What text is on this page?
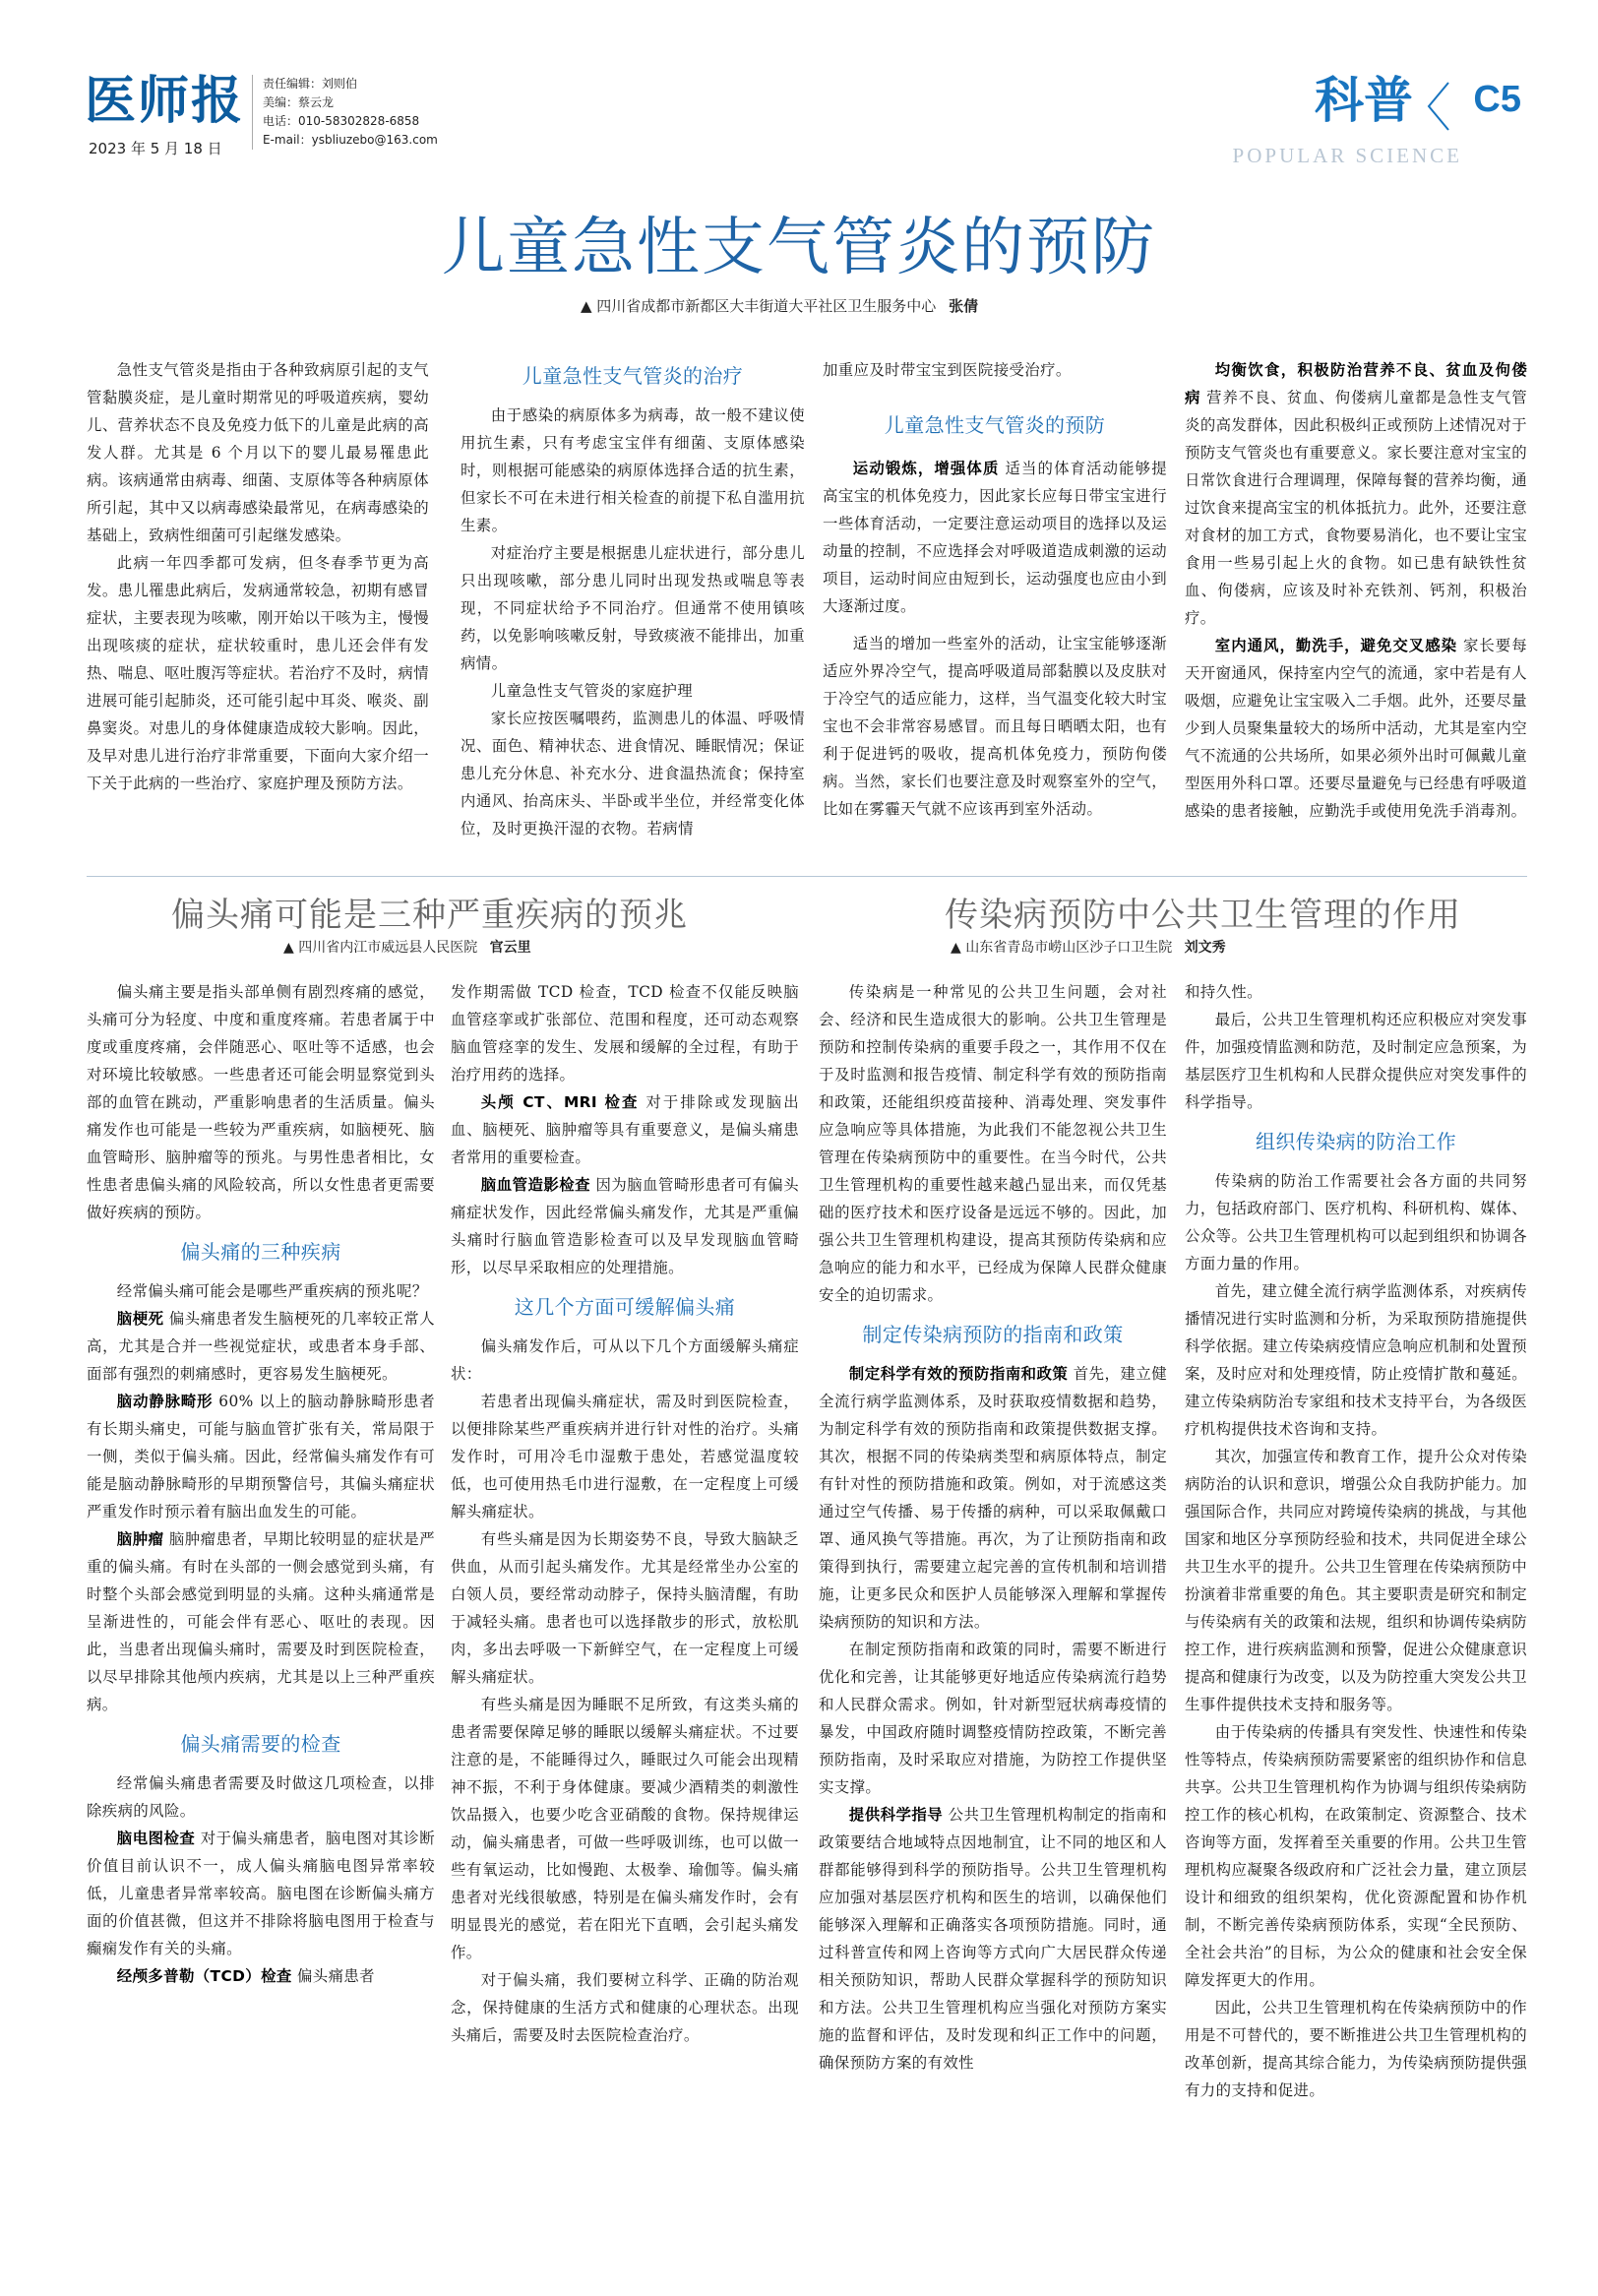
医师报
2023 年 5 月 18 日
责任编辑：刘则伯
美编：蔡云龙
电话：010-58302828-6858
E-mail：ysbliuzebo@163.com
科普
POPULAR SCIENCE
C5
儿童急性支气管炎的预防
▲ 四川省成都市新都区大丰街道大平社区卫生服务中心 张倩

急性支气管炎是指由于各种致病原引起的支气管黏膜炎症，是儿童时期常见的呼吸道疾病，婴幼儿、营养状态不良及免疫力低下的儿童是此病的高发人群。尤其是 6 个月以下的婴儿最易罹患此病。该病通常由病毒、细菌、支原体等各种病原体所引起，其中又以病毒感染最常见，在病毒感染的基础上，致病性细菌可引起继发感染。

此病一年四季都可发病，但冬春季节更为高发。患儿罹患此病后，发病通常较急，初期有感冒症状，主要表现为咳嗽，刚开始以干咳为主，慢慢出现咳痰的症状，症状较重时，患儿还会伴有发热、喘息、呕吐腹泻等症状。若治疗不及时，病情进展可能引起肺炎，还可能引起中耳炎、喉炎、副鼻窦炎。对患儿的身体健康造成较大影响。因此，及早对患儿进行治疗非常重要，下面向大家介绍一下关于此病的一些治疗、家庭护理及预防方法。

儿童急性支气管炎的治疗

由于感染的病原体多为病毒，故一般不建议使用抗生素，只有考虑宝宝伴有细菌、支原体感染时，则根据可能感染的病原体选择合适的抗生素，但家长不可在未进行相关检查的前提下私自滥用抗生素。

对症治疗主要是根据患儿症状进行，部分患儿只出现咳嗽，部分患儿同时出现发热或喘息等表现，不同症状给予不同治疗。但通常不使用镇咳药，以免影响咳嗽反射，导致痰液不能排出，加重病情。

儿童急性支气管炎的家庭护理

家长应按医嘱喂药，监测患儿的体温、呼吸情况、面色、精神状态、进食情况、睡眠情况；保证患儿充分休息、补充水分、进食温热流食；保持室内通风、抬高床头、半卧或半坐位，并经常变化体位，及时更换汗湿的衣物。若病情

加重应及时带宝宝到医院接受治疗。

儿童急性支气管炎的预防

运动锻炼，增强体质 适当的体育活动能够提高宝宝的机体免疫力，因此家长应每日带宝宝进行一些体育活动，一定要注意运动项目的选择以及运动量的控制，不应选择会对呼吸道造成刺激的运动项目，运动时间应由短到长，运动强度也应由小到大逐渐过度。

适当的增加一些室外的活动，让宝宝能够逐渐适应外界冷空气，提高呼吸道局部黏膜以及皮肤对于冷空气的适应能力，这样，当气温变化较大时宝宝也不会非常容易感冒。而且每日晒晒太阳，也有利于促进钙的吸收，提高机体免疫力，预防佝偻病。当然，家长们也要注意及时观察室外的空气，比如在雾霾天气就不应该再到室外活动。

均衡饮食，积极防治营养不良、贫血及佝偻病 营养不良、贫血、佝偻病儿童都是急性支气管炎的高发群体，因此积极纠正或预防上述情况对于预防支气管炎也有重要意义。家长要注意对宝宝的日常饮食进行合理调理，保障每餐的营养均衡，通过饮食来提高宝宝的机体抵抗力。此外，还要注意对食材的加工方式，食物要易消化，也不要让宝宝食用一些易引起上火的食物。如已患有缺铁性贫血、佝偻病，应该及时补充铁剂、钙剂，积极治疗。

室内通风，勤洗手，避免交叉感染 家长要每天开窗通风，保持室内空气的流通，家中若是有人吸烟，应避免让宝宝吸入二手烟。此外，还要尽量少到人员聚集量较大的场所中活动，尤其是室内空气不流通的公共场所，如果必须外出时可佩戴儿童型医用外科口罩。还要尽量避免与已经患有呼吸道感染的患者接触，应勤洗手或使用免洗手消毒剂。

偏头痛可能是三种严重疾病的预兆
▲ 四川省内江市威远县人民医院 官云里

偏头痛主要是指头部单侧有剧烈疼痛的感觉，头痛可分为轻度、中度和重度疼痛。若患者属于中度或重度疼痛，会伴随恶心、呕吐等不适感，也会对环境比较敏感。一些患者还可能会明显察觉到头部的血管在跳动，严重影响患者的生活质量。偏头痛发作也可能是一些较为严重疾病，如脑梗死、脑血管畸形、脑肿瘤等的预兆。与男性患者相比，女性患者患偏头痛的风险较高，所以女性患者更需要做好疾病的预防。

偏头痛的三种疾病

经常偏头痛可能会是哪些严重疾病的预兆呢？

脑梗死 偏头痛患者发生脑梗死的几率较正常人高，尤其是合并一些视觉症状，或患者本身手部、面部有强烈的刺痛感时，更容易发生脑梗死。

脑动静脉畸形 60% 以上的脑动静脉畸形患者有长期头痛史，可能与脑血管扩张有关，常局限于一侧，类似于偏头痛。因此，经常偏头痛发作有可能是脑动静脉畸形的早期预警信号，其偏头痛症状严重发作时预示着有脑出血发生的可能。

脑肿瘤 脑肿瘤患者，早期比较明显的症状是严重的偏头痛。有时在头部的一侧会感觉到头痛，有时整个头部会感觉到明显的头痛。这种头痛通常是呈渐进性的，可能会伴有恶心、呕吐的表现。因此，当患者出现偏头痛时，需要及时到医院检查，以尽早排除其他颅内疾病，尤其是以上三种严重疾病。

偏头痛需要的检查

经常偏头痛患者需要及时做这几项检查，以排除疾病的风险。

脑电图检查 对于偏头痛患者，脑电图对其诊断价值目前认识不一，成人偏头痛脑电图异常率较低，儿童患者异常率较高。脑电图在诊断偏头痛方面的价值甚微，但这并不排除将脑电图用于检查与癫痫发作有关的头痛。

经颅多普勒（TCD）检查 偏头痛患者

发作期需做 TCD 检查，TCD 检查不仅能反映脑血管痉挛或扩张部位、范围和程度，还可动态观察脑血管痉挛的发生、发展和缓解的全过程，有助于治疗用药的选择。

头颅 CT、MRI 检查 对于排除或发现脑出血、脑梗死、脑肿瘤等具有重要意义，是偏头痛患者常用的重要检查。

脑血管造影检查 因为脑血管畸形患者可有偏头痛症状发作，因此经常偏头痛发作，尤其是严重偏头痛时行脑血管造影检查可以及早发现脑血管畸形，以尽早采取相应的处理措施。

这几个方面可缓解偏头痛

偏头痛发作后，可从以下几个方面缓解头痛症状：

若患者出现偏头痛症状，需及时到医院检查，以便排除某些严重疾病并进行针对性的治疗。头痛发作时，可用冷毛巾湿敷于患处，若感觉温度较低，也可使用热毛巾进行湿敷，在一定程度上可缓解头痛症状。

有些头痛是因为长期姿势不良，导致大脑缺乏供血，从而引起头痛发作。尤其是经常坐办公室的白领人员，要经常动动脖子，保持头脑清醒，有助于减轻头痛。患者也可以选择散步的形式，放松肌肉，多出去呼吸一下新鲜空气，在一定程度上可缓解头痛症状。

有些头痛是因为睡眠不足所致，有这类头痛的患者需要保障足够的睡眠以缓解头痛症状。不过要注意的是，不能睡得过久，睡眠过久可能会出现精神不振，不利于身体健康。要减少酒精类的刺激性饮品摄入，也要少吃含亚硝酸的食物。保持规律运动，偏头痛患者，可做一些呼吸训练，也可以做一些有氧运动，比如慢跑、太极拳、瑜伽等。偏头痛患者对光线很敏感，特别是在偏头痛发作时，会有明显畏光的感觉，若在阳光下直晒，会引起头痛发作。

对于偏头痛，我们要树立科学、正确的防治观念，保持健康的生活方式和健康的心理状态。出现头痛后，需要及时去医院检查治疗。

传染病预防中公共卫生管理的作用
▲ 山东省青岛市崂山区沙子口卫生院 刘文秀

传染病是一种常见的公共卫生问题，会对社会、经济和民生造成很大的影响。公共卫生管理是预防和控制传染病的重要手段之一，其作用不仅在于及时监测和报告疫情、制定科学有效的预防指南和政策，还能组织疫苗接种、消毒处理、突发事件应急响应等具体措施，为此我们不能忽视公共卫生管理在传染病预防中的重要性。在当今时代，公共卫生管理机构的重要性越来越凸显出来，而仅凭基础的医疗技术和医疗设备是远远不够的。因此，加强公共卫生管理机构建设，提高其预防传染病和应急响应的能力和水平，已经成为保障人民群众健康安全的迫切需求。

制定传染病预防的指南和政策

制定科学有效的预防指南和政策 首先，建立健全流行病学监测体系，及时获取疫情数据和趋势，为制定科学有效的预防指南和政策提供数据支撑。其次，根据不同的传染病类型和病原体特点，制定有针对性的预防措施和政策。例如，对于流感这类通过空气传播、易于传播的病种，可以采取佩戴口罩、通风换气等措施。再次，为了让预防指南和政策得到执行，需要建立起完善的宣传机制和培训措施，让更多民众和医护人员能够深入理解和掌握传染病预防的知识和方法。

在制定预防指南和政策的同时，需要不断进行优化和完善，让其能够更好地适应传染病流行趋势和人民群众需求。例如，针对新型冠状病毒疫情的暴发，中国政府随时调整疫情防控政策，不断完善预防指南，及时采取应对措施，为防控工作提供坚实支撑。

提供科学指导 公共卫生管理机构制定的指南和政策要结合地域特点因地制宜，让不同的地区和人群都能够得到科学的预防指导。公共卫生管理机构应加强对基层医疗机构和医生的培训，以确保他们能够深入理解和正确落实各项预防措施。同时，通过科普宣传和网上咨询等方式向广大居民群众传递相关预防知识，帮助人民群众掌握科学的预防知识和方法。公共卫生管理机构应当强化对预防方案实施的监督和评估，及时发现和纠正工作中的问题，确保预防方案的有效性

和持久性。

最后，公共卫生管理机构还应积极应对突发事件，加强疫情监测和防范，及时制定应急预案，为基层医疗卫生机构和人民群众提供应对突发事件的科学指导。

组织传染病的防治工作

传染病的防治工作需要社会各方面的共同努力，包括政府部门、医疗机构、科研机构、媒体、公众等。公共卫生管理机构可以起到组织和协调各方面力量的作用。

首先，建立健全流行病学监测体系，对疾病传播情况进行实时监测和分析，为采取预防措施提供科学依据。建立传染病疫情应急响应机制和处置预案，及时应对和处理疫情，防止疫情扩散和蔓延。建立传染病防治专家组和技术支持平台，为各级医疗机构提供技术咨询和支持。

其次，加强宣传和教育工作，提升公众对传染病防治的认识和意识，增强公众自我防护能力。加强国际合作，共同应对跨境传染病的挑战，与其他国家和地区分享预防经验和技术，共同促进全球公共卫生水平的提升。公共卫生管理在传染病预防中扮演着非常重要的角色。其主要职责是研究和制定与传染病有关的政策和法规，组织和协调传染病防控工作，进行疾病监测和预警，促进公众健康意识提高和健康行为改变，以及为防控重大突发公共卫生事件提供技术支持和服务等。

由于传染病的传播具有突发性、快速性和传染性等特点，传染病预防需要紧密的组织协作和信息共享。公共卫生管理机构作为协调与组织传染病防控工作的核心机构，在政策制定、资源整合、技术咨询等方面，发挥着至关重要的作用。公共卫生管理机构应凝聚各级政府和广泛社会力量，建立顶层设计和细致的组织架构，优化资源配置和协作机制，不断完善传染病预防体系，实现“全民预防、全社会共治”的目标，为公众的健康和社会安全保障发挥更大的作用。

因此，公共卫生管理机构在传染病预防中的作用是不可替代的，要不断推进公共卫生管理机构的改革创新，提高其综合能力，为传染病预防提供强有力的支持和促进。
